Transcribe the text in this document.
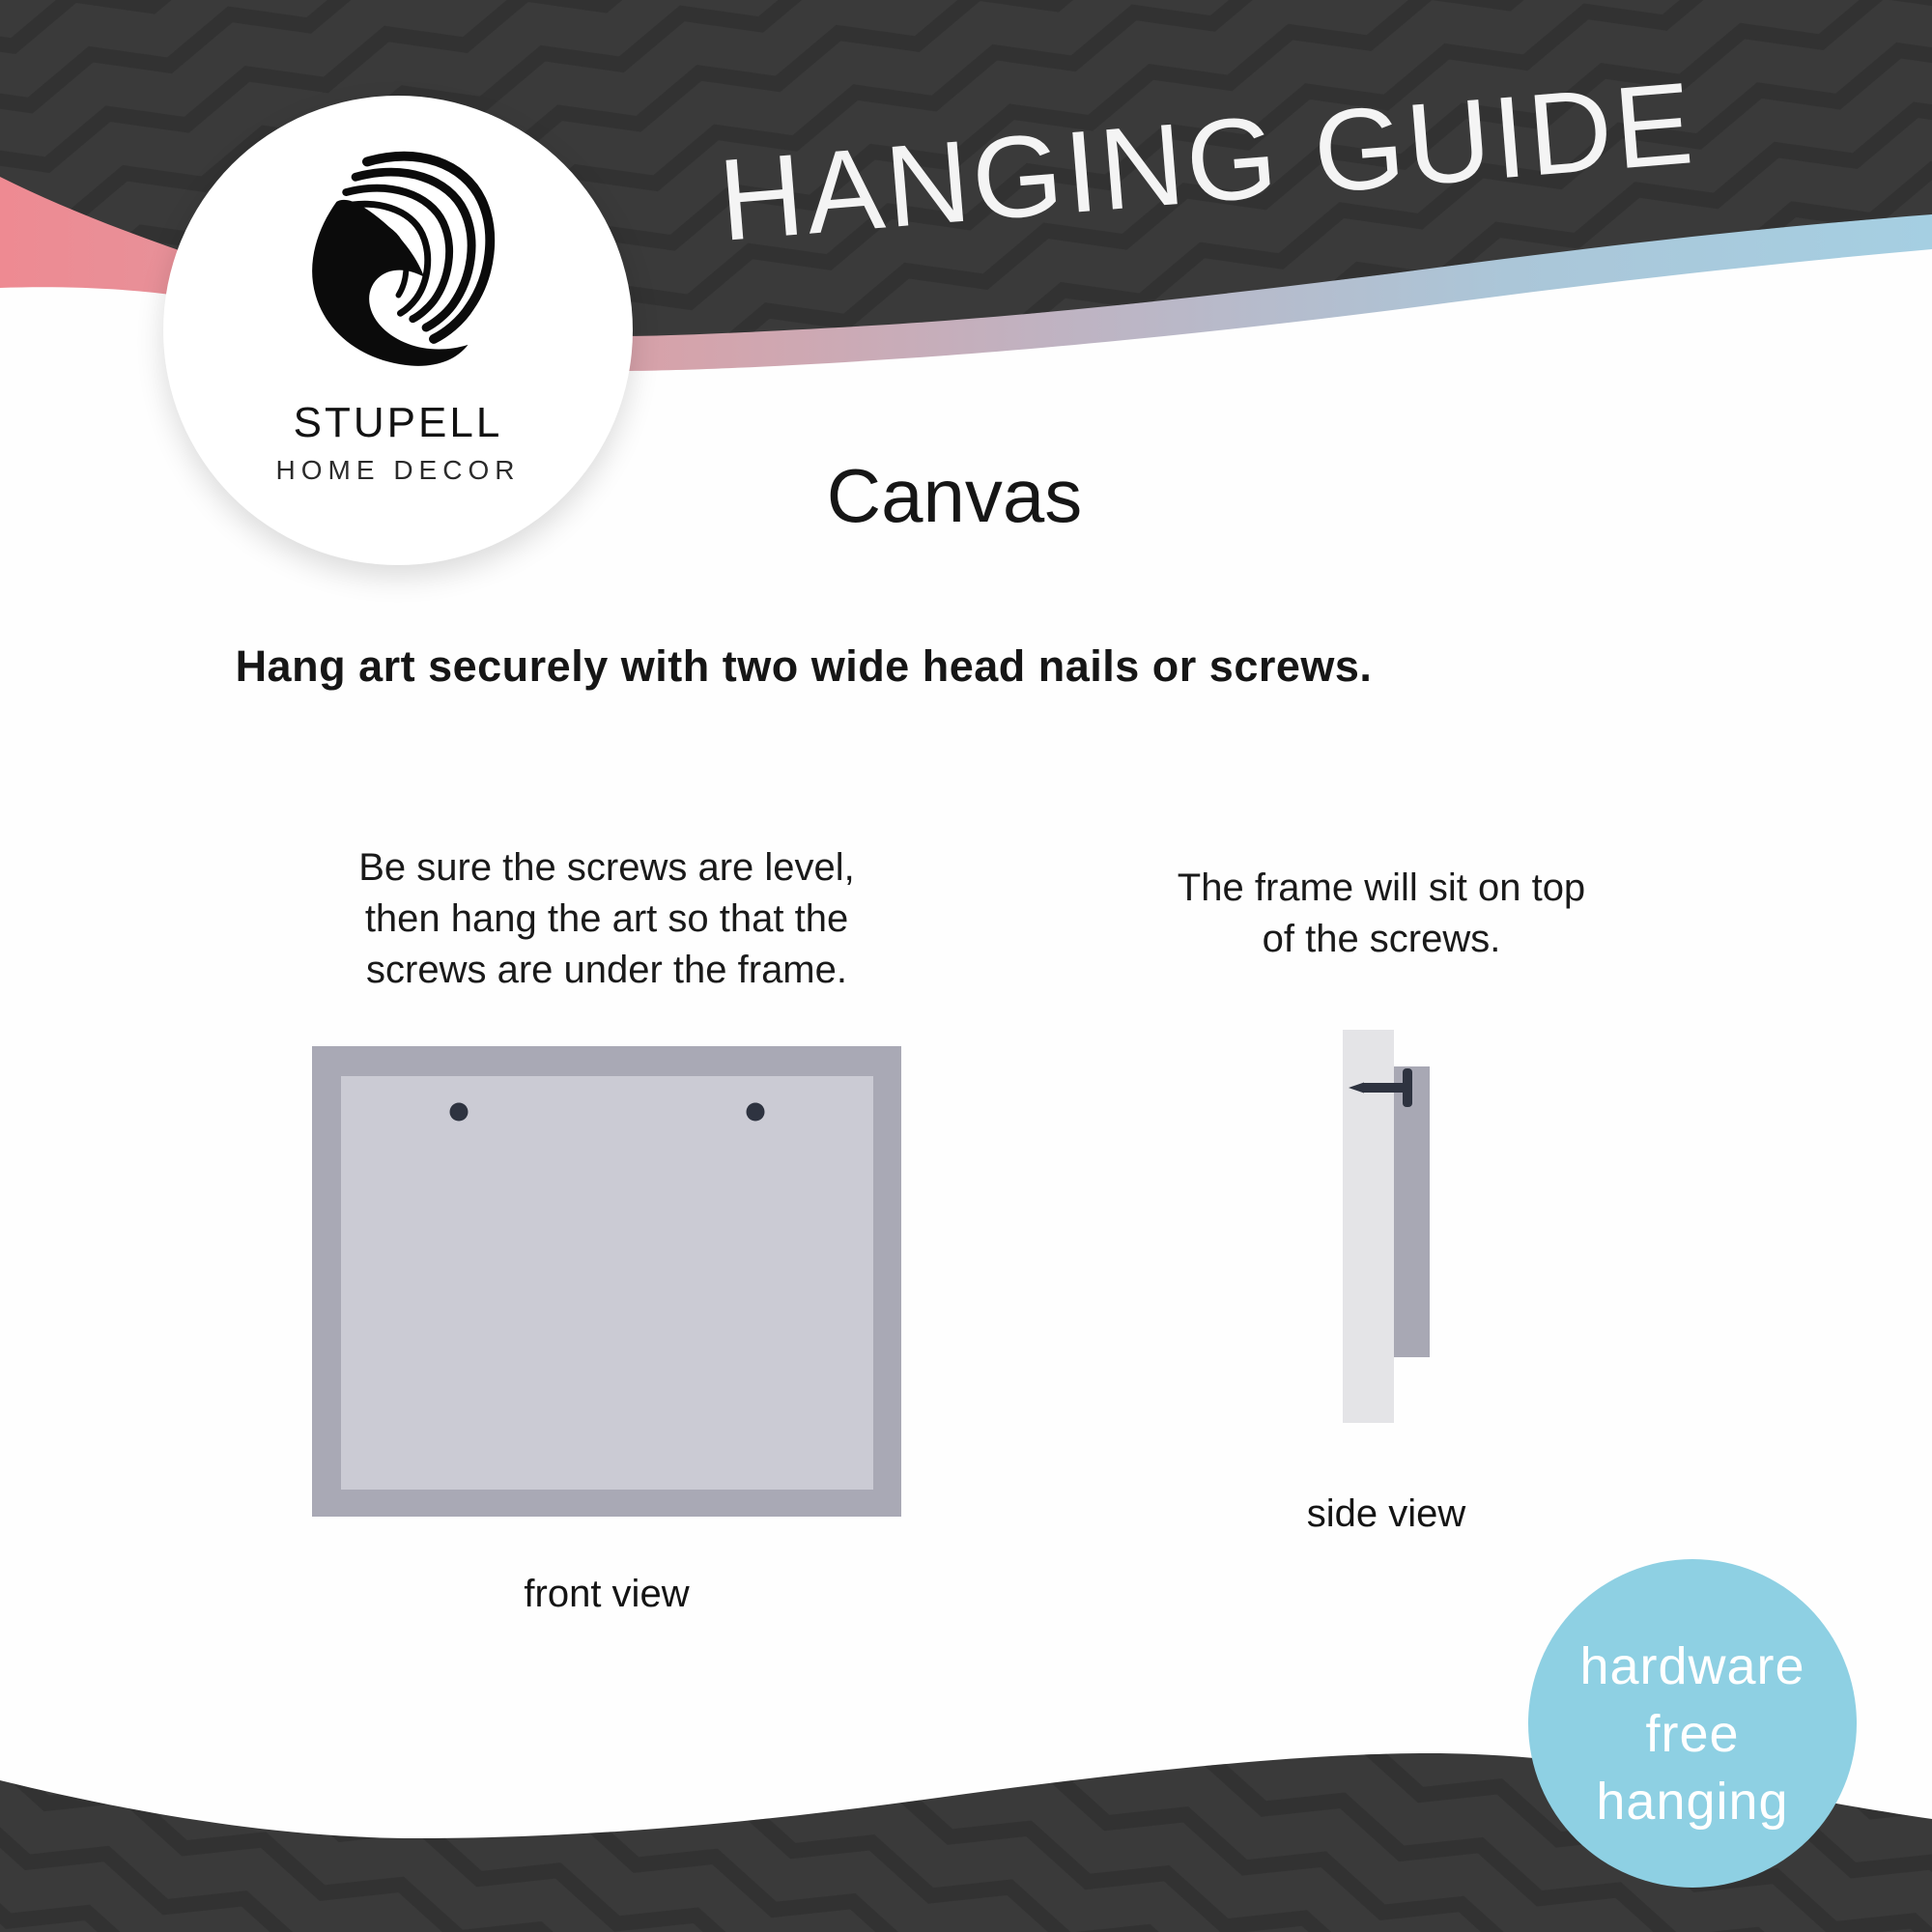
HANGING GUIDE
STUPELL
HOME DECOR	Canvas
Hang art securely with two wide head nails or screws.
Be sure the screws are level,
then hang the art so that the
screws are under the frame.
front view
The frame will sit on top
of the screws.
side view
hardware
free
hanging
